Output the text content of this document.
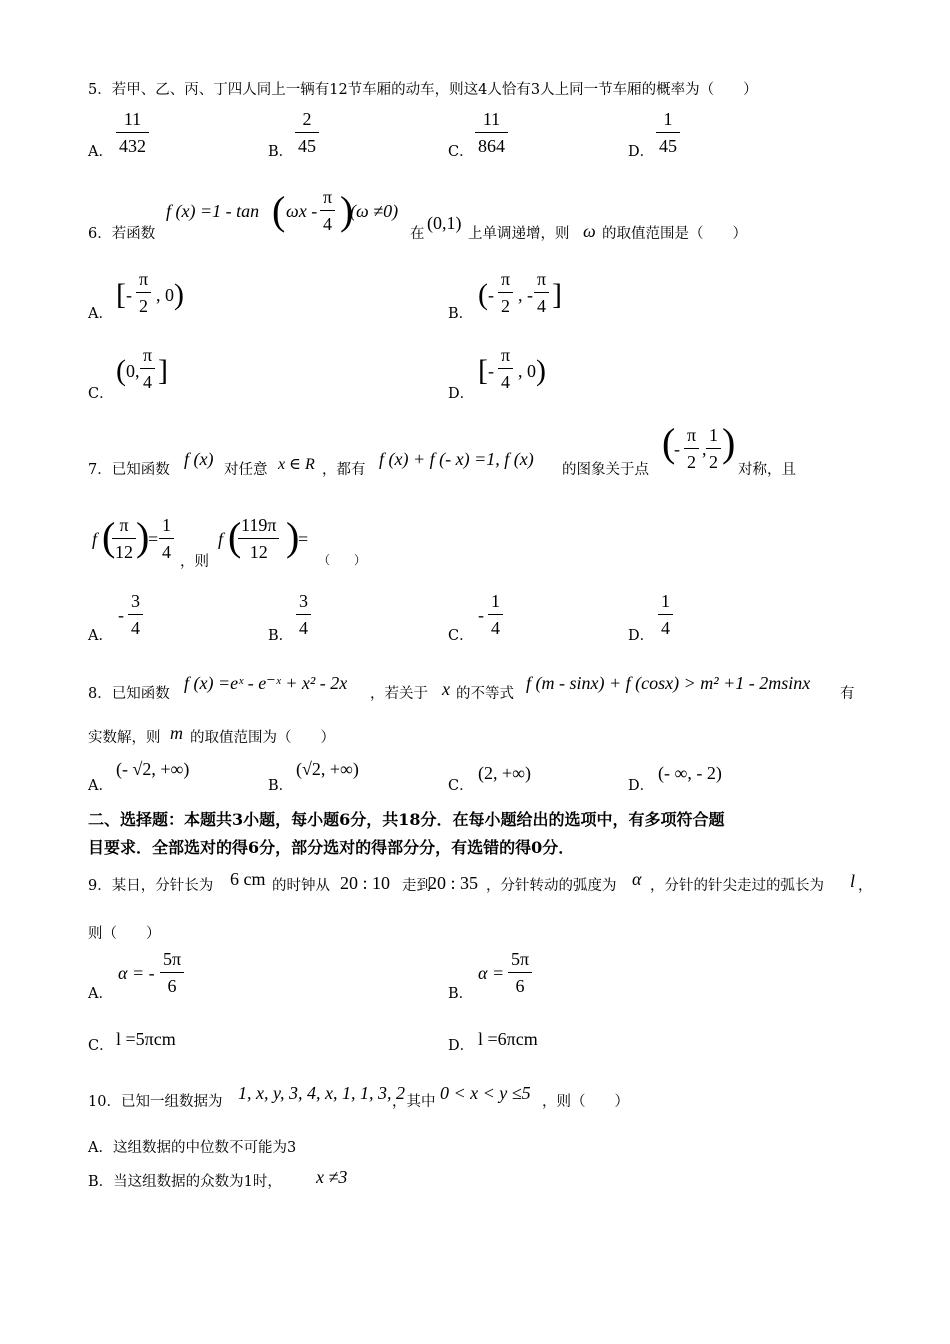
5．若甲、乙、丙、丁四人同上一辆有12节车厢的动车，则这4人恰有3人上同一节车厢的概率为（　　）
A．
11
432	B．
2
45	C．
11
864	D．
1
45
6．若函数
f (x) =1 - tan ( ωx -
π
4 )
(ω ≠0)
在
(0,1)
上单调递增，则 ω 的取值范围是（　　）
A．
[ -
π
2
, 0 )
B．
( -
π
2
, -
π
4 ]
C．
( 0,
π
4 ]
D．
[ -
π
4
, 0 )
7．已知函数
f (x)
对任意 x ∈ R ，都有
f (x) + f (- x) =1, f (x)
的图象关于点
(
-
π
2
,
1
2 )
对称，且
f ( π
12 )
=
1
4 ，则
f ( 119π
12 )
=
（　　）
A．
-
3
4	B．
3
4	C．
-
1
4	D．
1
4
8．已知函数
f (x) =eˣ - e⁻ˣ + x² - 2x
，若关于 x 的不等式
f (m - sinx) + f (cosx) > m² +1 - 2msinx
有
实数解，则 m 的取值范围为（　　）
A．
(- √2, +∞)
B．
(√2, +∞)
C．
(2, +∞)
D．
(- ∞, - 2)
二、选择题：本题共3小题，每小题6分，共18分．在每小题给出的选项中，有多项符合题
目要求．全部选对的得6分，部分选对的得部分分，有选错的得0分．
9．某日，分针长为 6 cm 的时钟从 20 : 10 走到
20 : 35 ，分针转动的弧度为 α ，分针的针尖走过的弧长为 l ，
则（　　）
A．
α = -
5π
6	B．
α =
5π
6
C． l =5πcm	D． l =6πcm
10．已知一组数据为 1, x, y, 3, 4, x, 1, 1, 3, 2
，其中 0 < x < y ≤5 ，则（　　）
A．这组数据的中位数不可能为3
B．当这组数据的众数为1时， x ≠3
